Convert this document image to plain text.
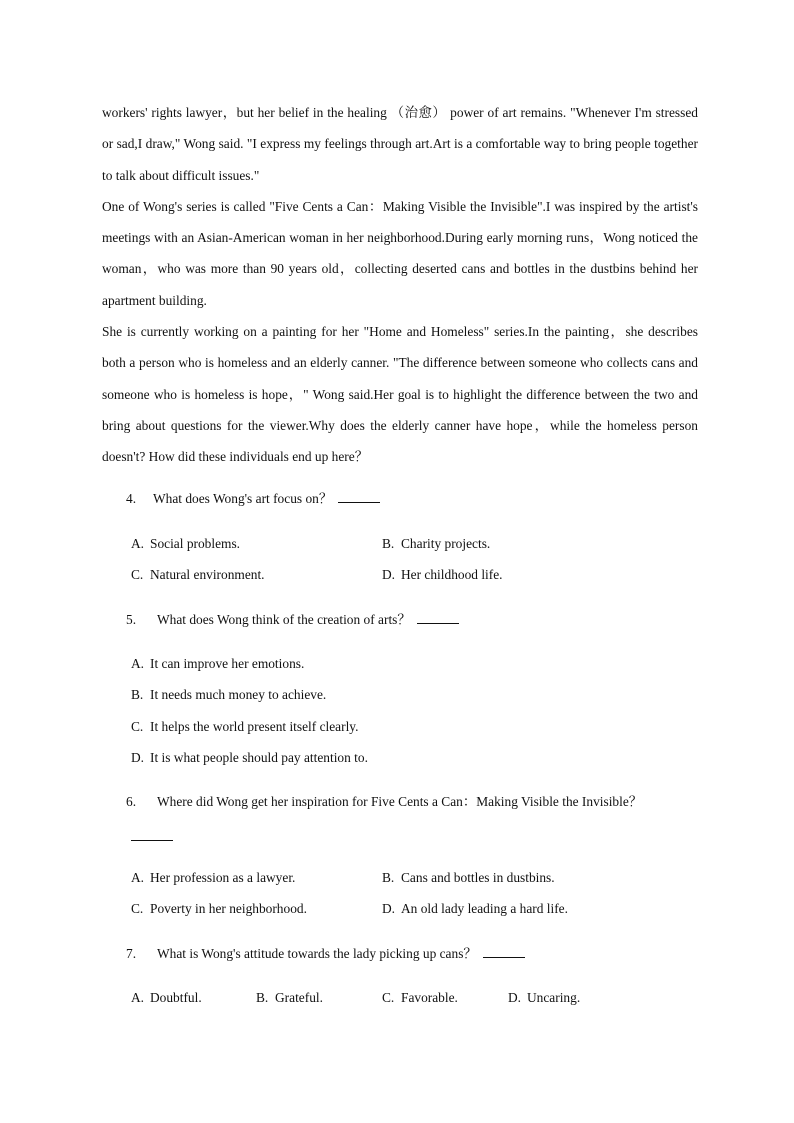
workers' rights lawyer，but her belief in the healing （治愈） power of art remains. "Whenever I'm stressed or sad,I draw," Wong said. "I express my feelings through art.Art is a comfortable way to bring people together to talk about difficult issues."

One of Wong's series is called "Five Cents a Can：Making Visible the Invisible".I was inspired by the artist's meetings with an Asian-American woman in her neighborhood.During early morning runs，Wong noticed the woman，who was more than 90 years old，collecting deserted cans and bottles in the dustbins behind her apartment building.

She is currently working on a painting for her "Home and Homeless" series.In the painting，she describes both a person who is homeless and an elderly canner. "The difference between someone who collects cans and someone who is homeless is hope，" Wong said.Her goal is to highlight the difference between the two and bring about questions for the viewer.Why does the elderly canner have hope，while the homeless person doesn't? How did these individuals end up here？

4. What does Wong's art focus on？
A. Social problems.	B. Charity projects.
C. Natural environment.	D. Her childhood life.
5. What does Wong think of the creation of arts？
A. It can improve her emotions.
B. It needs much money to achieve.
C. It helps the world present itself clearly.
D. It is what people should pay attention to.
6. Where did Wong get her inspiration for Five Cents a Can：Making Visible the Invisible？
A. Her profession as a lawyer.	B. Cans and bottles in dustbins.
C. Poverty in her neighborhood.	D. An old lady leading a hard life.
7. What is Wong's attitude towards the lady picking up cans？
A. Doubtful.	B. Grateful.	C. Favorable.	D. Uncaring.
